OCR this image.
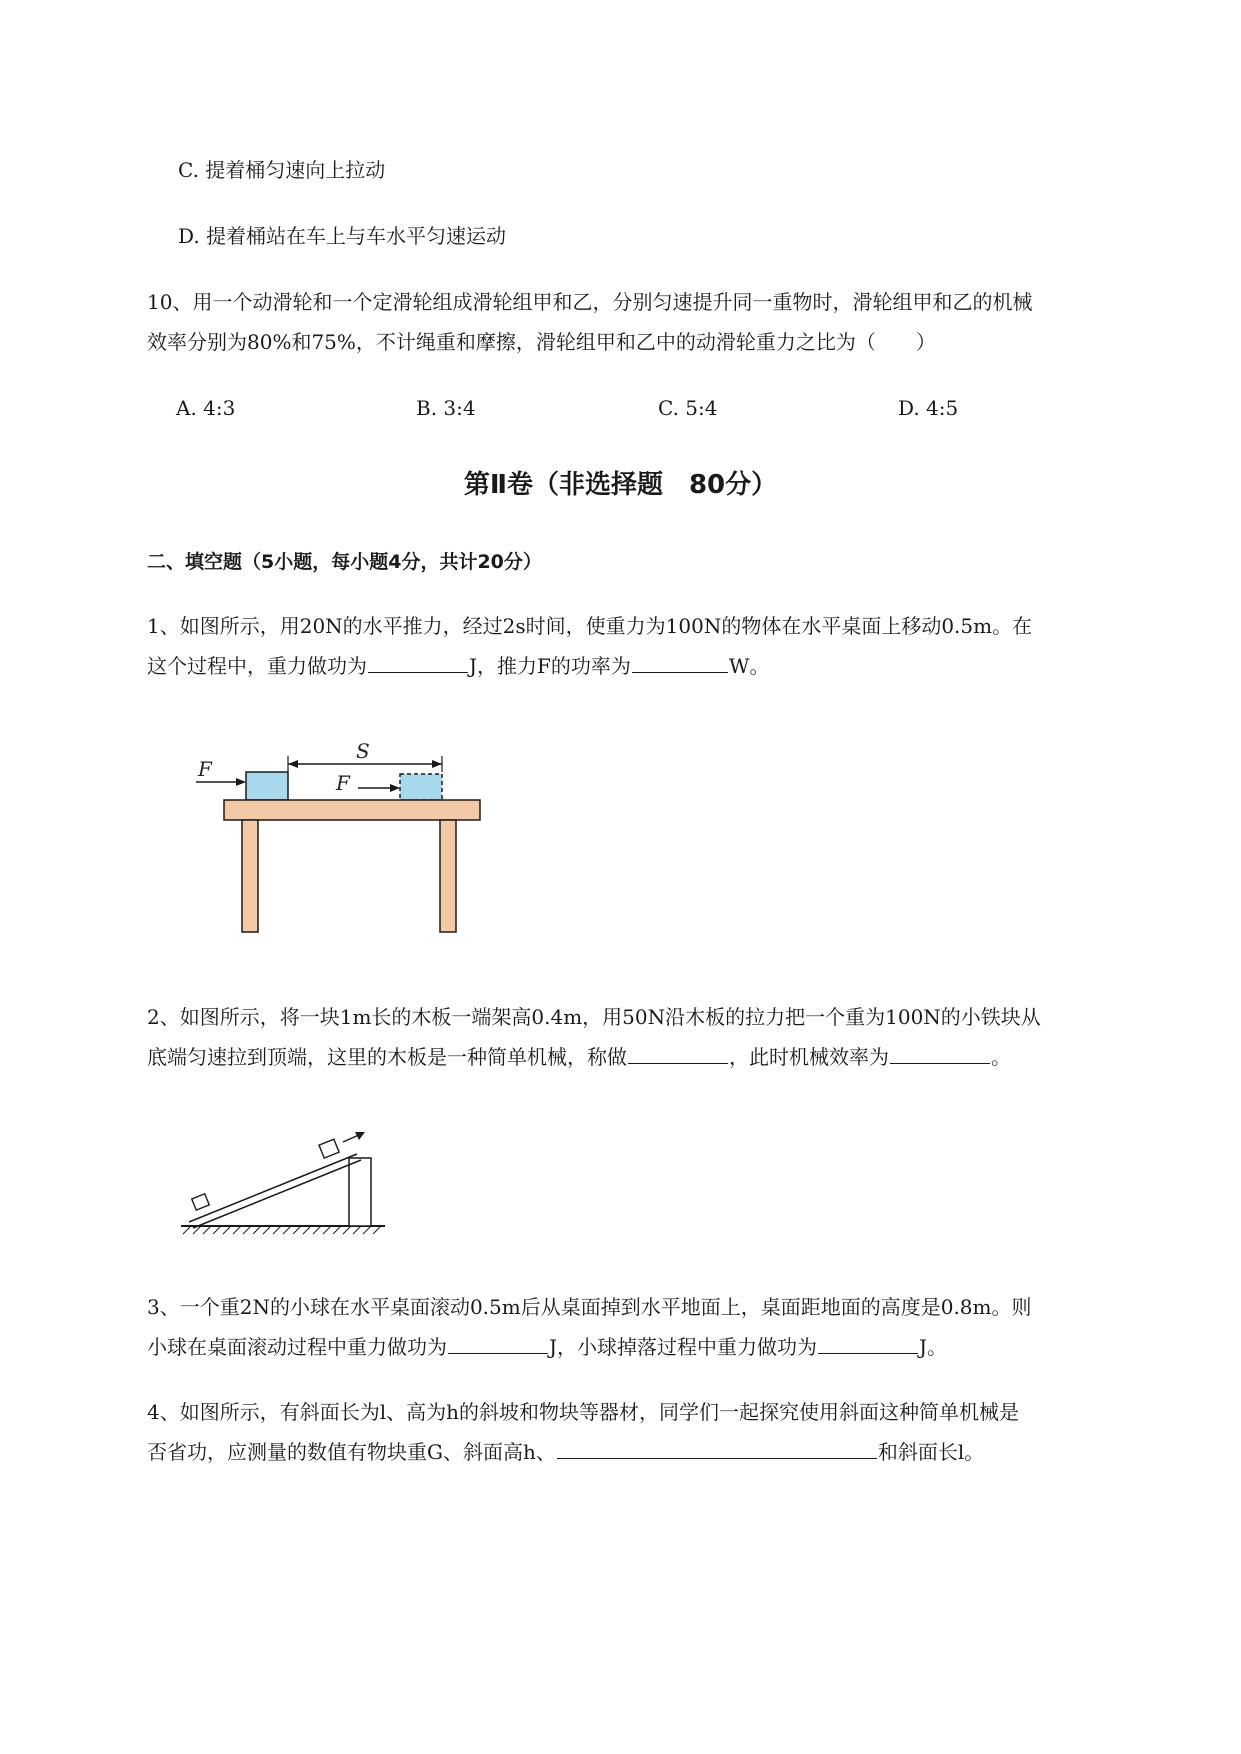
C. 提着桶匀速向上拉动
D. 提着桶站在车上与车水平匀速运动
10、用一个动滑轮和一个定滑轮组成滑轮组甲和乙，分别匀速提升同一重物时，滑轮组甲和乙的机械
效率分别为80%和75%，不计绳重和摩擦，滑轮组甲和乙中的动滑轮重力之比为（　　）
A. 4:3	B. 3:4	C. 5:4	D. 4:5
第Ⅱ卷（非选择题　80分）
二、填空题（5小题，每小题4分，共计20分）
1、如图所示，用20N的水平推力，经过2s时间，使重力为100N的物体在水平桌面上移动0.5m。在
这个过程中，重力做功为	J，推力F的功率为	W。
S
F
F
2、如图所示，将一块1m长的木板一端架高0.4m，用50N沿木板的拉力把一个重为100N的小铁块从
底端匀速拉到顶端，这里的木板是一种简单机械，称做	，此时机械效率为	。
3、一个重2N的小球在水平桌面滚动0.5m后从桌面掉到水平地面上，桌面距地面的高度是0.8m。则
小球在桌面滚动过程中重力做功为	J，小球掉落过程中重力做功为	J。
4、如图所示，有斜面长为l、高为h的斜坡和物块等器材，同学们一起探究使用斜面这种简单机械是
否省功，应测量的数值有物块重G、斜面高h、	和斜面长l。
